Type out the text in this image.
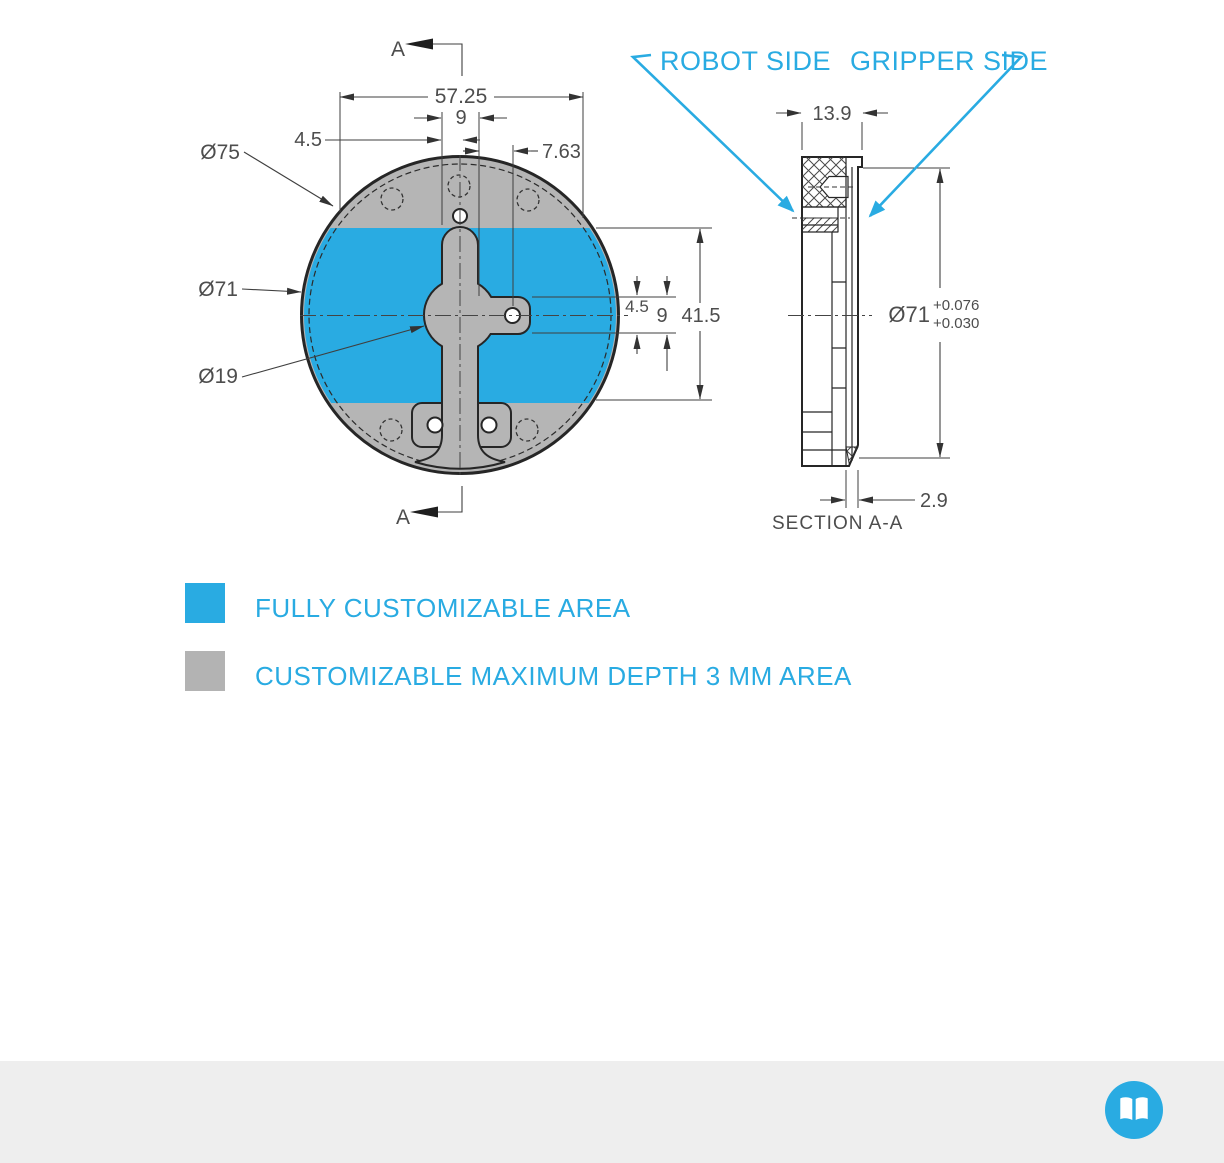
57.25
9
4.5
7.63
Ø75
Ø71
Ø19
4.5 9 41.5
A
A
13.9
Ø71 +0.076
+0.030
2.9
SECTION A-A
ROBOT SIDE GRIPPER SIDE
FULLY CUSTOMIZABLE AREA
CUSTOMIZABLE MAXIMUM DEPTH 3 MM AREA
